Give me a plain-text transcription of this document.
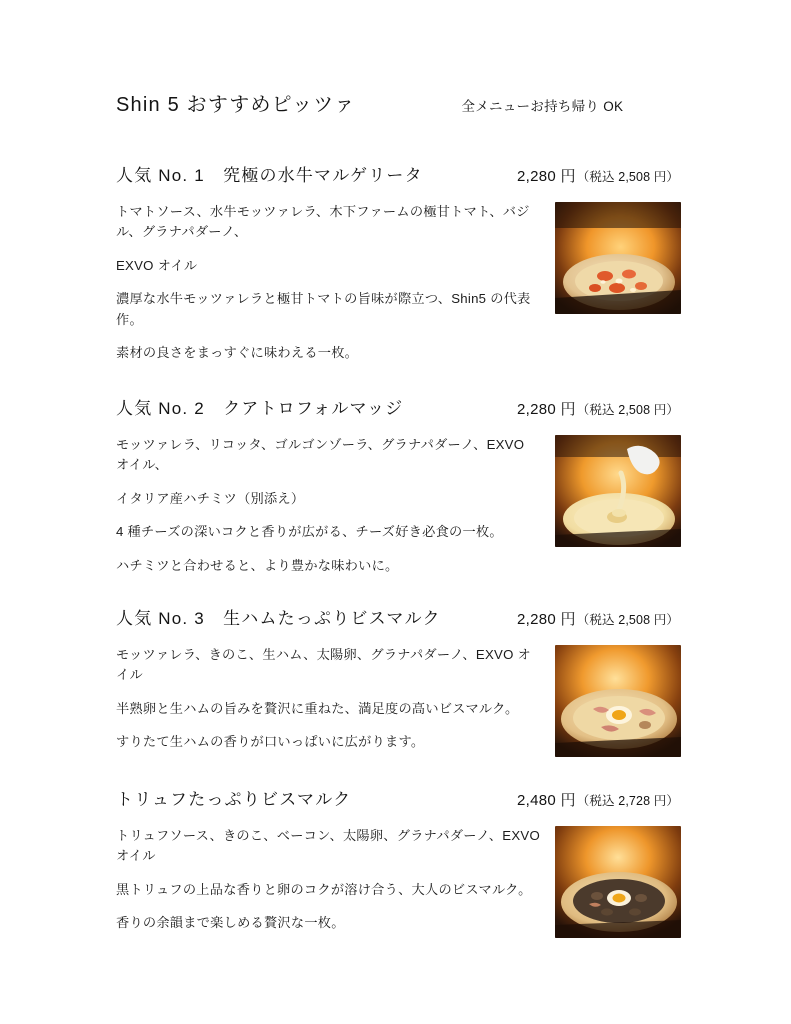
Shin 5 おすすめピッツァ	全メニューお持ち帰り OK
人気 No. 1　究極の水牛マルゲリータ	2,280 円 （税込 2,508 円）
トマトソース、水牛モッツァレラ、木下ファームの極甘トマト、バジル、グラナパダーノ、
EXVO オイル
濃厚な水牛モッツァレラと極甘トマトの旨味が際立つ、Shin5 の代表作。
素材の良さをまっすぐに味わえる一枚。
人気 No. 2　クアトロフォルマッジ	2,280 円 （税込 2,508 円）
モッツァレラ、リコッタ、ゴルゴンゾーラ、グラナパダーノ、EXVO オイル、
イタリア産ハチミツ（別添え）
4 種チーズの深いコクと香りが広がる、チーズ好き必食の一枚。
ハチミツと合わせると、より豊かな味わいに。
人気 No. 3　生ハムたっぷりビスマルク	2,280 円 （税込 2,508 円）
モッツァレラ、きのこ、生ハム、太陽卵、グラナパダーノ、EXVO オイル
半熟卵と生ハムの旨みを贅沢に重ねた、満足度の高いビスマルク。
すりたて生ハムの香りが口いっぱいに広がります。
トリュフたっぷりビスマルク	2,480 円 （税込 2,728 円）
トリュフソース、きのこ、ベーコン、太陽卵、グラナパダーノ、EXVO オイル
黒トリュフの上品な香りと卵のコクが溶け合う、大人のビスマルク。
香りの余韻まで楽しめる贅沢な一枚。
